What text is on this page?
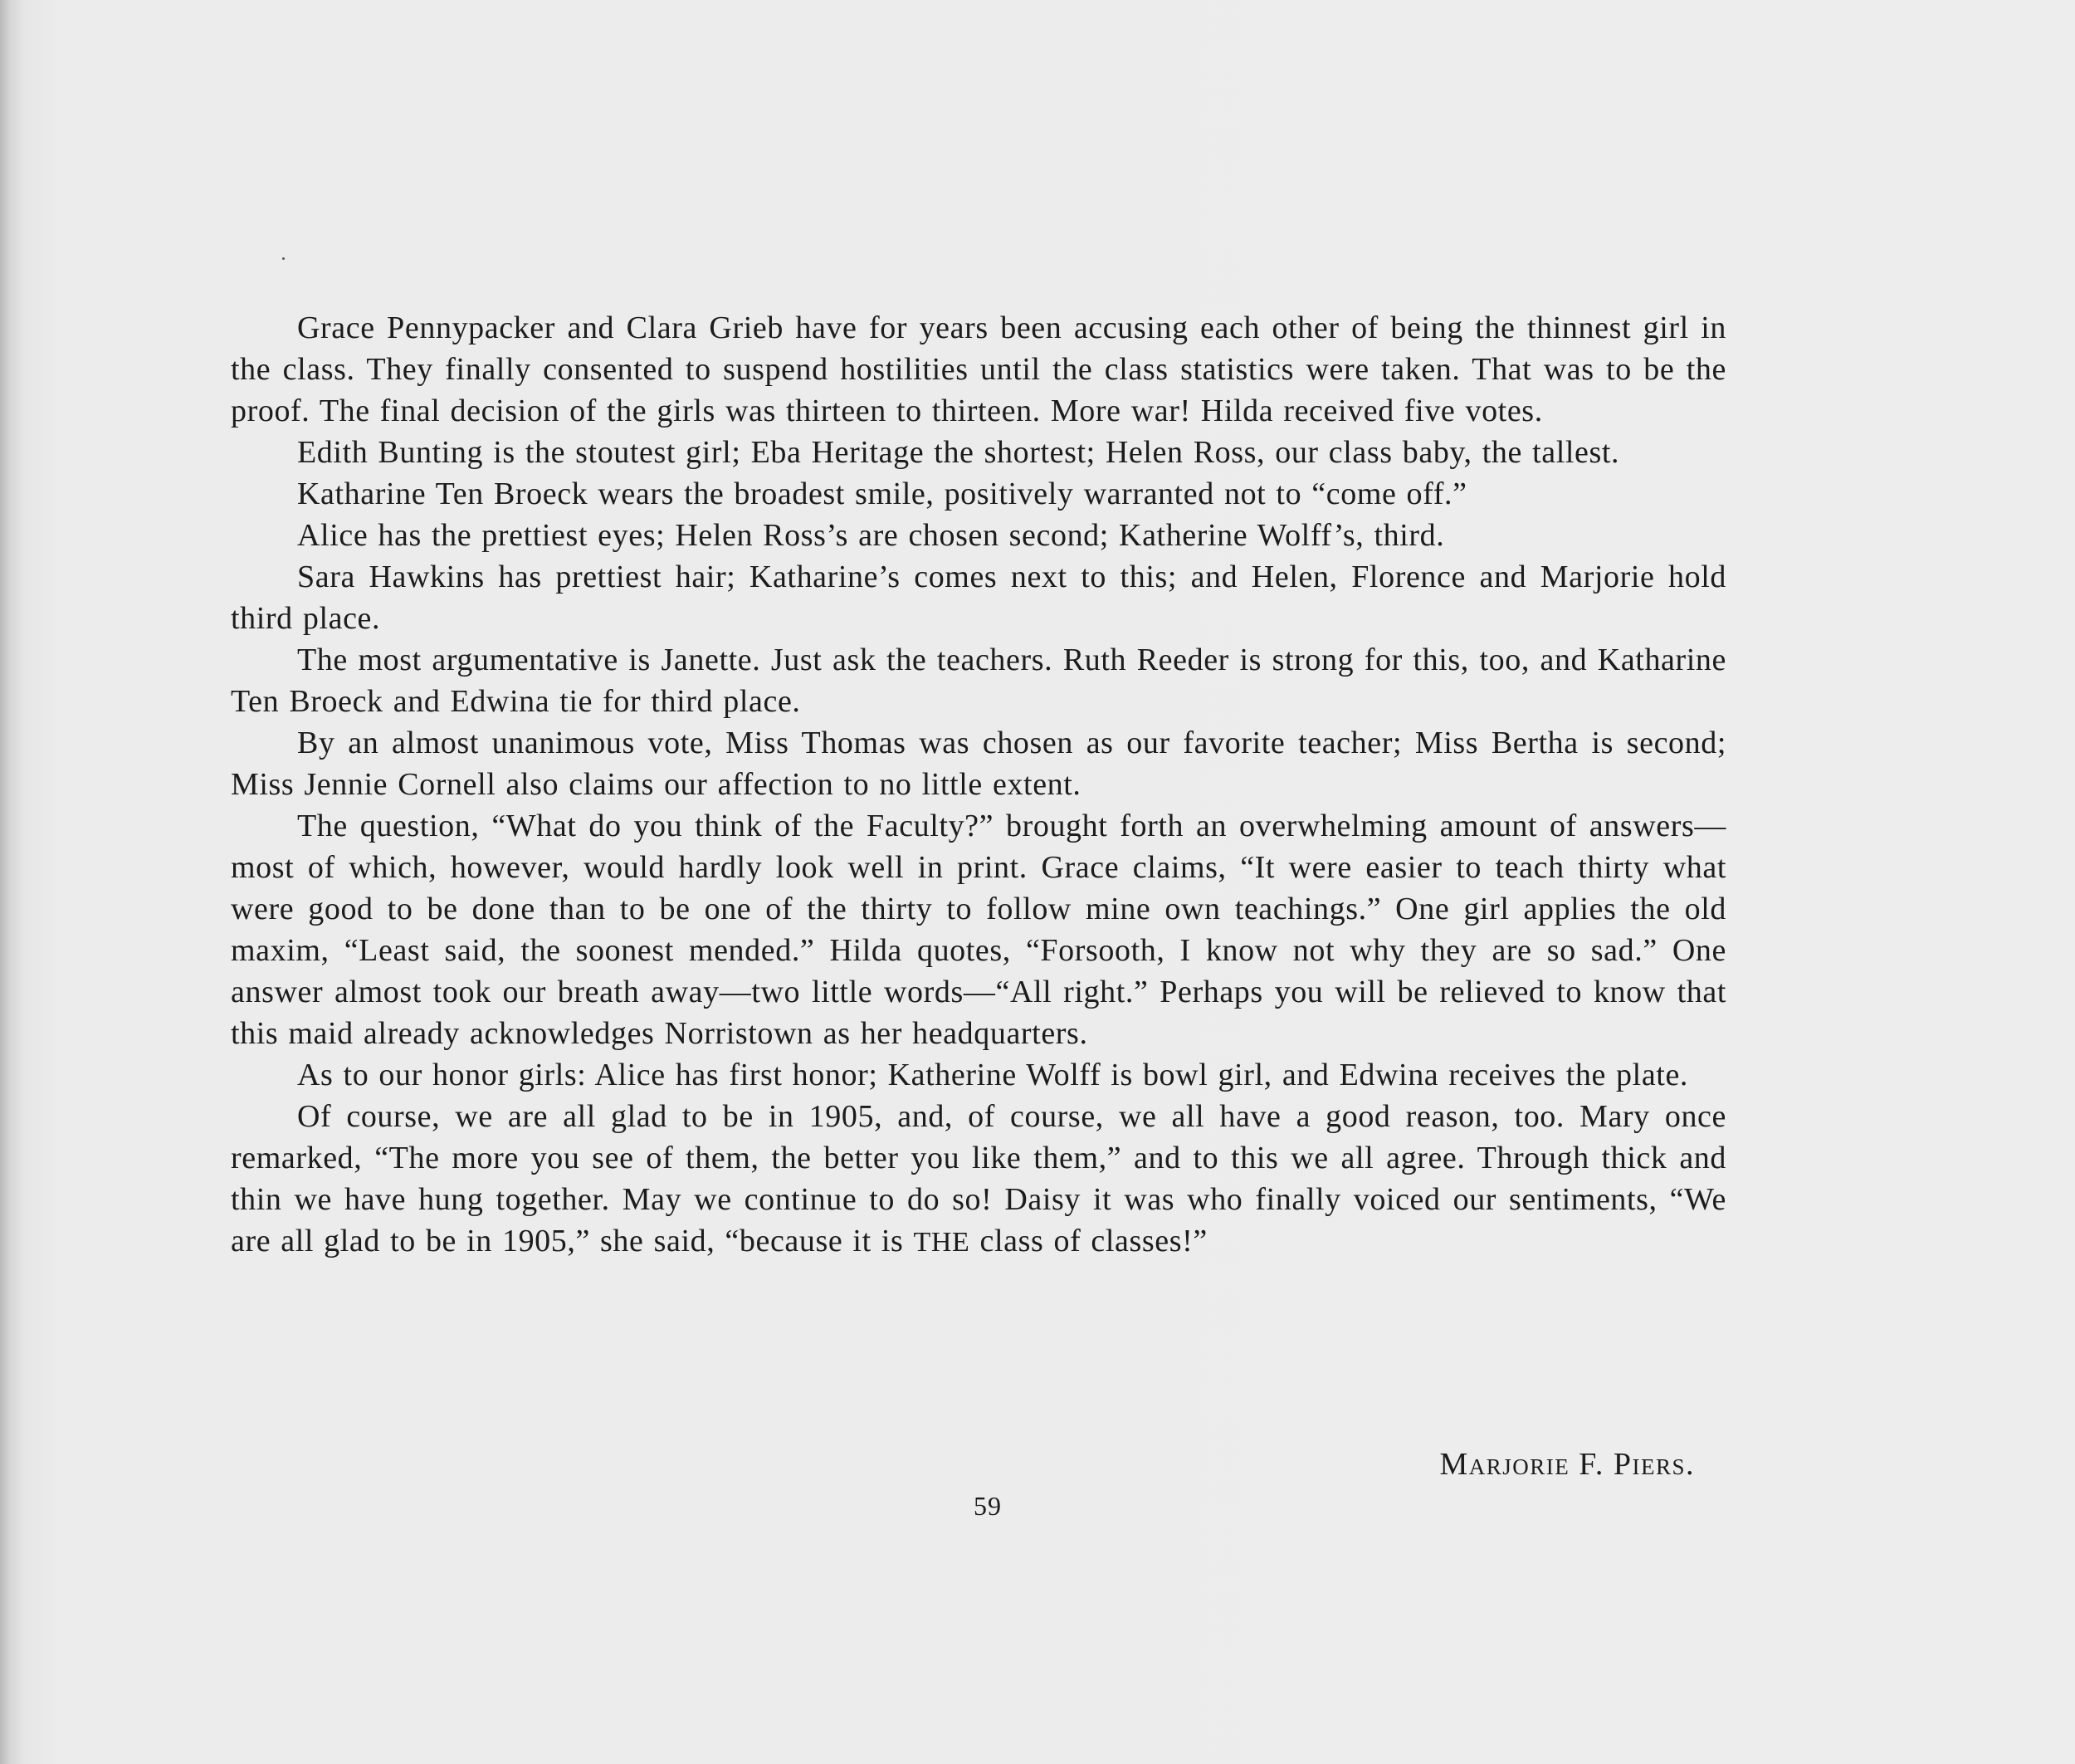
Grace Pennypacker and Clara Grieb have for years been accusing each other of being the thinnest girl in the class. They finally consented to suspend hostilities until the class statistics were taken. That was to be the proof. The final decision of the girls was thirteen to thirteen. More war! Hilda received five votes.

Edith Bunting is the stoutest girl; Eba Heritage the shortest; Helen Ross, our class baby, the tallest.

Katharine Ten Broeck wears the broadest smile, positively warranted not to “come off.”

Alice has the prettiest eyes; Helen Ross’s are chosen second; Katherine Wolff’s, third.

Sara Hawkins has prettiest hair; Katharine’s comes next to this; and Helen, Florence and Marjorie hold third place.

The most argumentative is Janette. Just ask the teachers. Ruth Reeder is strong for this, too, and Katharine Ten Broeck and Edwina tie for third place.

By an almost unanimous vote, Miss Thomas was chosen as our favorite teacher; Miss Bertha is second; Miss Jennie Cornell also claims our affection to no little extent.

The question, “What do you think of the Faculty?” brought forth an overwhelming amount of answers—most of which, however, would hardly look well in print. Grace claims, “It were easier to teach thirty what were good to be done than to be one of the thirty to follow mine own teachings.” One girl applies the old maxim, “Least said, the soonest mended.” Hilda quotes, “Forsooth, I know not why they are so sad.” One answer almost took our breath away—two little words—“All right.” Perhaps you will be relieved to know that this maid already acknowledges Norristown as her headquarters.

As to our honor girls: Alice has first honor; Katherine Wolff is bowl girl, and Edwina receives the plate.

Of course, we are all glad to be in 1905, and, of course, we all have a good reason, too. Mary once remarked, “The more you see of them, the better you like them,” and to this we all agree. Through thick and thin we have hung together. May we continue to do so! Daisy it was who finally voiced our sentiments, “We are all glad to be in 1905,” she said, “because it is THE class of classes!”

Marjorie F. Piers.
59
